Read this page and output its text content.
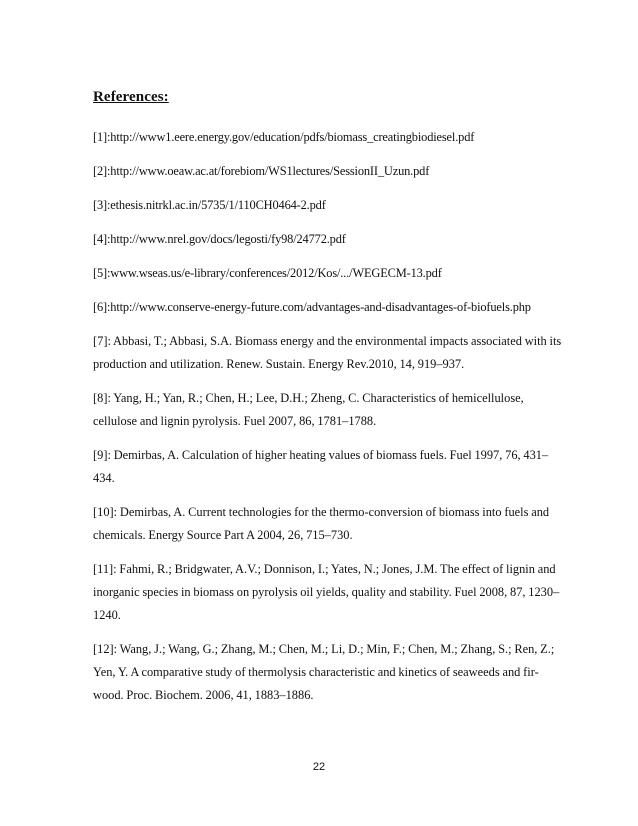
References:
[1]:http://www1.eere.energy.gov/education/pdfs/biomass_creatingbiodiesel.pdf
[2]:http://www.oeaw.ac.at/forebiom/WS1lectures/SessionII_Uzun.pdf
[3]:ethesis.nitrkl.ac.in/5735/1/110CH0464-2.pdf
[4]:http://www.nrel.gov/docs/legosti/fy98/24772.pdf
[5]:www.wseas.us/e-library/conferences/2012/Kos/.../WEGECM-13.pdf
[6]:http://www.conserve-energy-future.com/advantages-and-disadvantages-of-biofuels.php
[7]: Abbasi, T.; Abbasi, S.A. Biomass energy and the environmental impacts associated with its production and utilization. Renew. Sustain. Energy Rev.2010, 14, 919–937.
[8]: Yang, H.; Yan, R.; Chen, H.; Lee, D.H.; Zheng, C. Characteristics of hemicellulose, cellulose and lignin pyrolysis. Fuel 2007, 86, 1781–1788.
[9]: Demirbas, A. Calculation of higher heating values of biomass fuels. Fuel 1997, 76, 431–434.
[10]: Demirbas, A. Current technologies for the thermo-conversion of biomass into fuels and chemicals. Energy Source Part A 2004, 26, 715–730.
[11]: Fahmi, R.; Bridgwater, A.V.; Donnison, I.; Yates, N.; Jones, J.M. The effect of lignin and inorganic species in biomass on pyrolysis oil yields, quality and stability. Fuel 2008, 87, 1230–1240.
[12]: Wang, J.; Wang, G.; Zhang, M.; Chen, M.; Li, D.; Min, F.; Chen, M.; Zhang, S.; Ren, Z.; Yen, Y. A comparative study of thermolysis characteristic and kinetics of seaweeds and fir-wood. Proc. Biochem. 2006, 41, 1883–1886.
22
